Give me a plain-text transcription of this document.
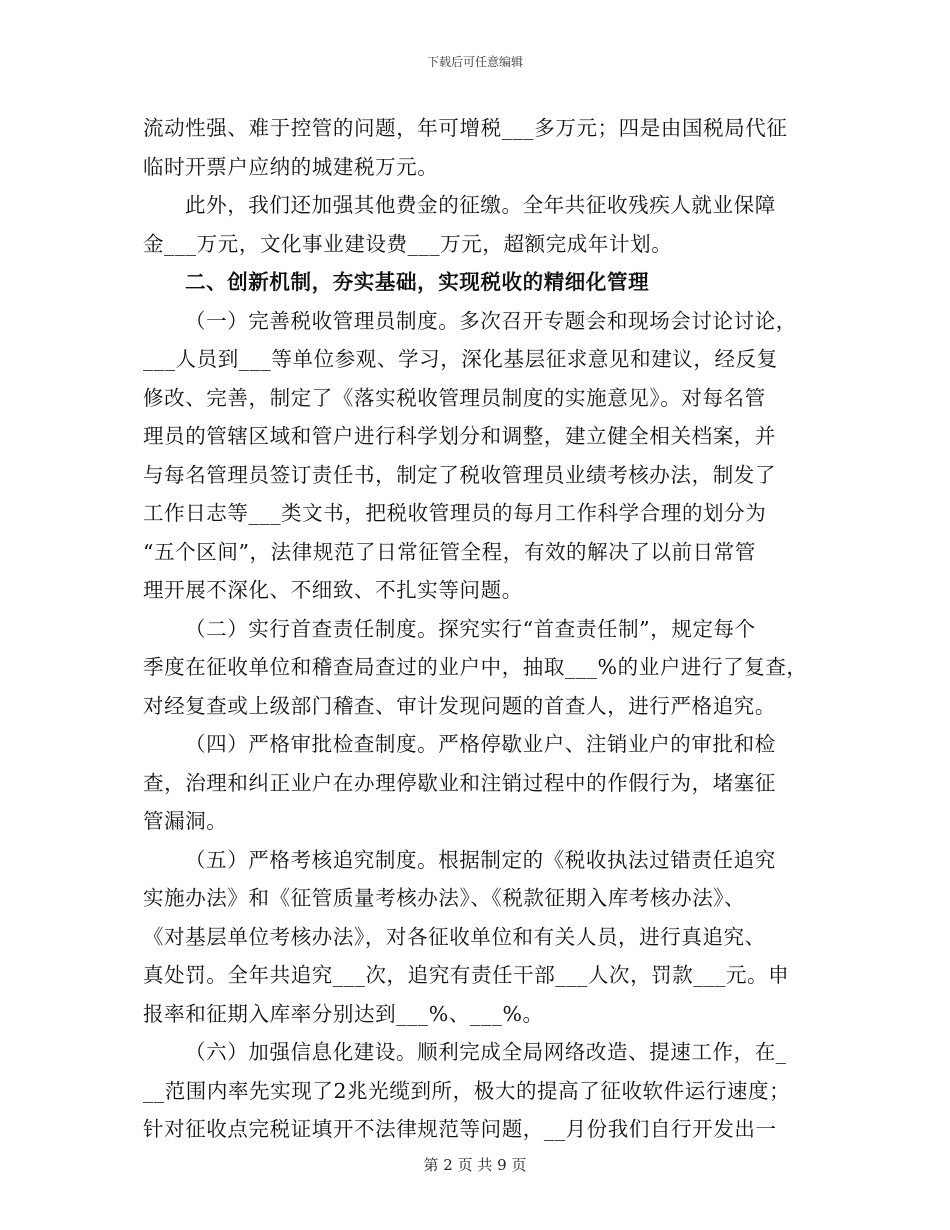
下载后可任意编辑
流动性强、难于控管的问题，年可增税___多万元；四是由国税局代征
临时开票户应纳的城建税万元。
此外，我们还加强其他费金的征缴。全年共征收残疾人就业保障
金___万元，文化事业建设费___万元，超额完成年计划。
二、创新机制，夯实基础，实现税收的精细化管理
（一）完善税收管理员制度。多次召开专题会和现场会讨论讨论，
___人员到___等单位参观、学习，深化基层征求意见和建议，经反复
修改、完善，制定了《落实税收管理员制度的实施意见》。对每名管
理员的管辖区域和管户进行科学划分和调整，建立健全相关档案，并
与每名管理员签订责任书，制定了税收管理员业绩考核办法，制发了
工作日志等___类文书，把税收管理员的每月工作科学合理的划分为
“五个区间”，法律规范了日常征管全程，有效的解决了以前日常管
理开展不深化、不细致、不扎实等问题。
（二）实行首查责任制度。探究实行“首查责任制”，规定每个
季度在征收单位和稽查局查过的业户中，抽取___%的业户进行了复查，
对经复查或上级部门稽查、审计发现问题的首查人，进行严格追究。
（四）严格审批检查制度。严格停歇业户、注销业户的审批和检
查，治理和纠正业户在办理停歇业和注销过程中的作假行为，堵塞征
管漏洞。
（五）严格考核追究制度。根据制定的《税收执法过错责任追究
实施办法》和《征管质量考核办法》、《税款征期入库考核办法》、
《对基层单位考核办法》，对各征收单位和有关人员，进行真追究、
真处罚。全年共追究___次，追究有责任干部___人次，罚款___元。申
报率和征期入库率分别达到___%、___%。
（六）加强信息化建设。顺利完成全局网络改造、提速工作，在_
__范围内率先实现了2兆光缆到所，极大的提高了征收软件运行速度；
针对征收点完税证填开不法律规范等问题，__月份我们自行开发出一
第 2 页 共 9 页
